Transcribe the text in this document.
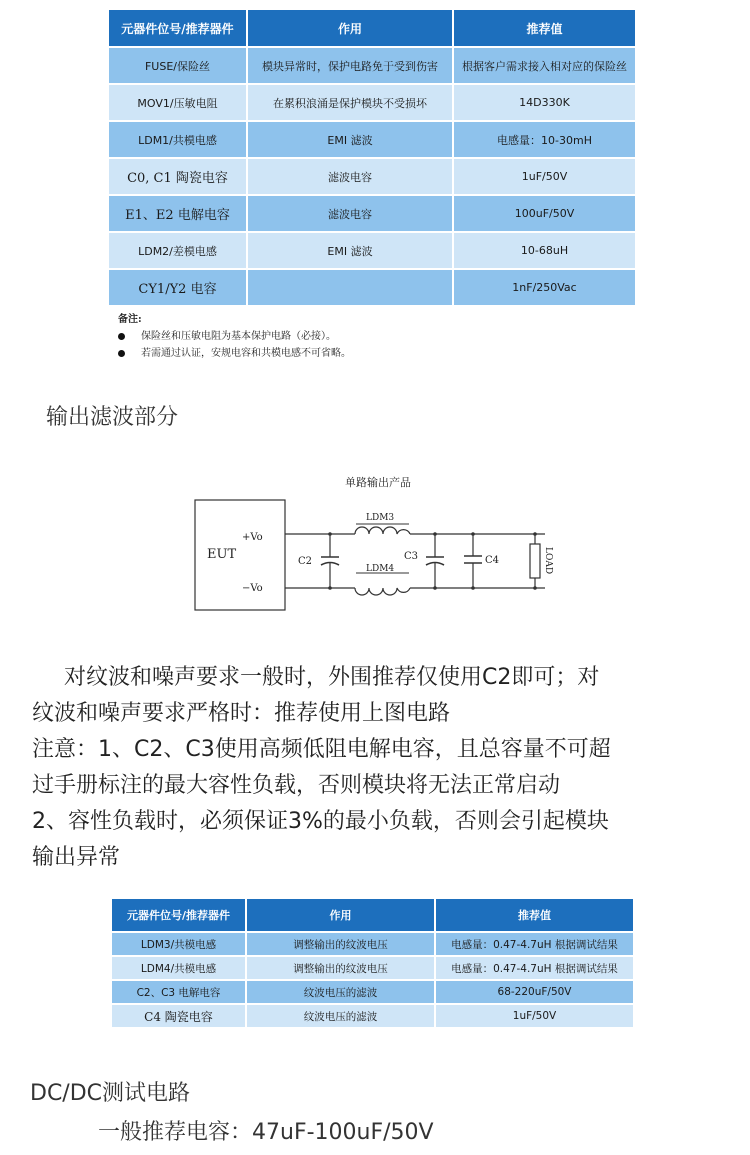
元器件位号/推荐器件	作用	推荐值
FUSE/保险丝	模块异常时，保护电路免于受到伤害	根据客户需求接入相对应的保险丝
MOV1/压敏电阻	在累积浪涌是保护模块不受损坏	14D330K
LDM1/共模电感	EMI 滤波	电感量：10-30mH
C0, C1 陶瓷电容	滤波电容	1uF/50V
E1、E2 电解电容	滤波电容	100uF/50V
LDM2/差模电感	EMI 滤波	10-68uH
CY1/Y2 电容		1nF/250Vac
备注:
保险丝和压敏电阻为基本保护电路（必接）。
若需通过认证，安规电容和共模电感不可省略。
输出滤波部分
单路输出产品
EUT
+Vo
−Vo
LDM3
LDM4
C2	C3	C4	LOAD
对纹波和噪声要求一般时，外围推荐仅使用C2即可；对
纹波和噪声要求严格时：推荐使用上图电路
注意：1、C2、C3使用高频低阻电解电容，且总容量不可超
过手册标注的最大容性负载，否则模块将无法正常启动
2、容性负载时，必须保证3%的最小负载，否则会引起模块
输出异常
元器件位号/推荐器件	作用	推荐值
LDM3/共模电感	调整输出的纹波电压	电感量：0.47-4.7uH 根据调试结果
LDM4/共模电感	调整输出的纹波电压	电感量：0.47-4.7uH 根据调试结果
C2、C3 电解电容	纹波电压的滤波	68-220uF/50V
C4 陶瓷电容	纹波电压的滤波	1uF/50V
DC/DC测试电路
一般推荐电容：47uF-100uF/50V
